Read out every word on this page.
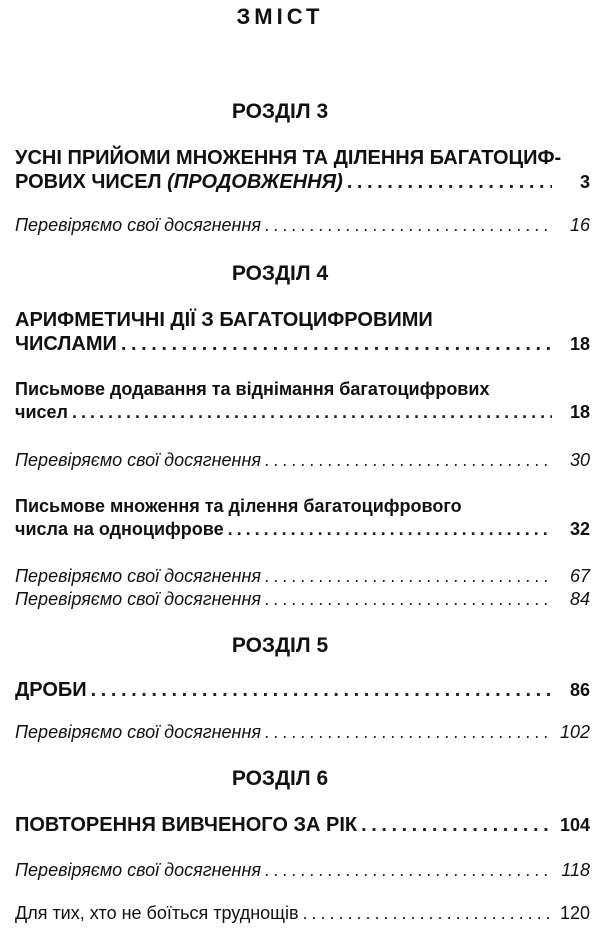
ЗМІСТ
РОЗДІЛ 3
УСНІ ПРИЙОМИ МНОЖЕННЯ ТА ДІЛЕННЯ БАГАТОЦИФ-
РОВИХ ЧИСЕЛ (ПРОДОВЖЕННЯ) . . .	3
Перевіряємо свої досягнення . . .	16
РОЗДІЛ 4
АРИФМЕТИЧНІ ДІЇ З БАГАТОЦИФРОВИМИ
ЧИСЛАМИ . . .	18
Письмове додавання та віднімання багатоцифрових
чисел . . .	18
Перевіряємо свої досягнення . . .	30
Письмове множення та ділення багатоцифрового
числа на одноцифрове . . .	32
Перевіряємо свої досягнення . . .	67
Перевіряємо свої досягнення . . .	84
РОЗДІЛ 5
ДРОБИ . . .	86
Перевіряємо свої досягнення . . .	102
РОЗДІЛ 6
ПОВТОРЕННЯ ВИВЧЕНОГО ЗА РІК . . .	104
Перевіряємо свої досягнення . . .	118
Для тих, хто не боїться труднощів . . .	120
